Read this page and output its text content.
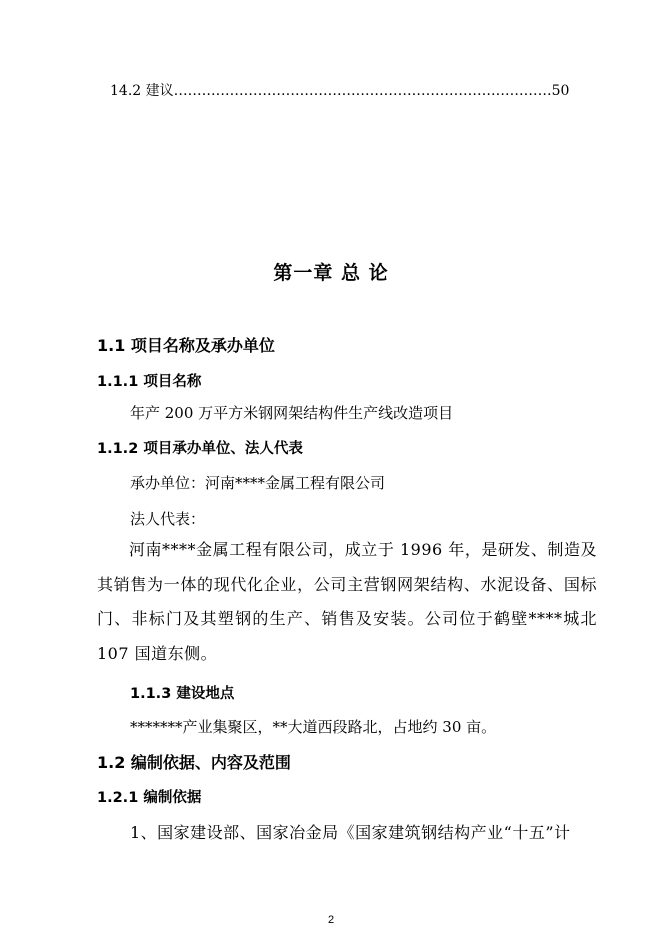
14.2 建议………………………………………………………………………50
第一章 总 论
1.1 项目名称及承办单位
1.1.1 项目名称
年产 200 万平方米钢网架结构件生产线改造项目
1.1.2 项目承办单位、法人代表
承办单位：河南****金属工程有限公司
法人代表：
河南****金属工程有限公司，成立于 1996 年，是研发、制造及其销售为一体的现代化企业，公司主营钢网架结构、水泥设备、国标门、非标门及其塑钢的生产、销售及安装。公司位于鹤壁****城北 107 国道东侧。
1.1.3 建设地点
*******产业集聚区，**大道西段路北，占地约 30 亩。
1.2 编制依据、内容及范围
1.2.1 编制依据
1、国家建设部、国家冶金局《国家建筑钢结构产业“十五”计
2
